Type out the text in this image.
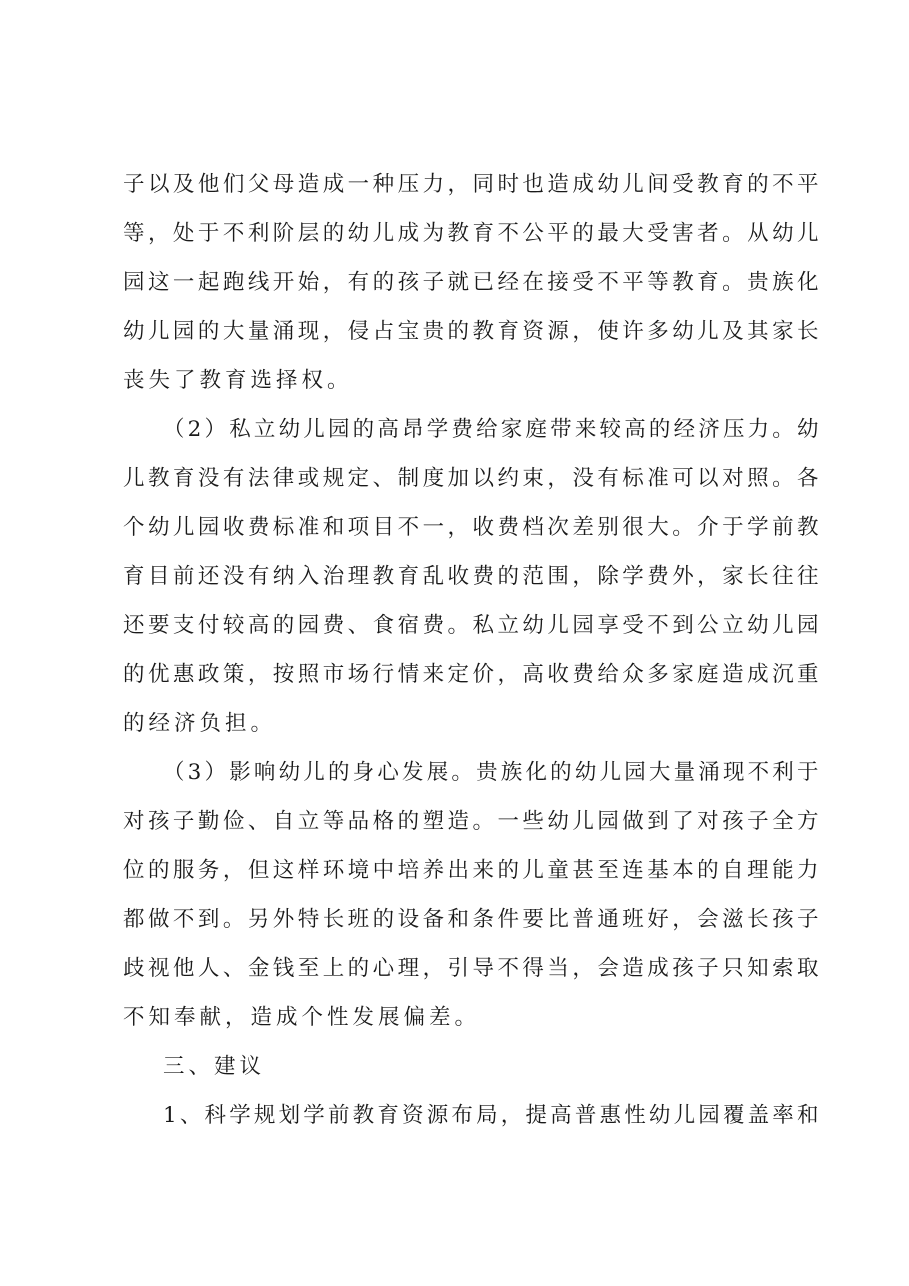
子以及他们父母造成一种压力，同时也造成幼儿间受教育的不平
等，处于不利阶层的幼儿成为教育不公平的最大受害者。从幼儿
园这一起跑线开始，有的孩子就已经在接受不平等教育。贵族化
幼儿园的大量涌现，侵占宝贵的教育资源，使许多幼儿及其家长
丧失了教育选择权。
（2）私立幼儿园的高昂学费给家庭带来较高的经济压力。幼
儿教育没有法律或规定、制度加以约束，没有标准可以对照。各
个幼儿园收费标准和项目不一，收费档次差别很大。介于学前教
育目前还没有纳入治理教育乱收费的范围，除学费外，家长往往
还要支付较高的园费、食宿费。私立幼儿园享受不到公立幼儿园
的优惠政策，按照市场行情来定价，高收费给众多家庭造成沉重
的经济负担。
（3）影响幼儿的身心发展。贵族化的幼儿园大量涌现不利于
对孩子勤俭、自立等品格的塑造。一些幼儿园做到了对孩子全方
位的服务，但这样环境中培养出来的儿童甚至连基本的自理能力
都做不到。另外特长班的设备和条件要比普通班好，会滋长孩子
歧视他人、金钱至上的心理，引导不得当，会造成孩子只知索取
不知奉献，造成个性发展偏差。
三、建议
1、科学规划学前教育资源布局，提高普惠性幼儿园覆盖率和
